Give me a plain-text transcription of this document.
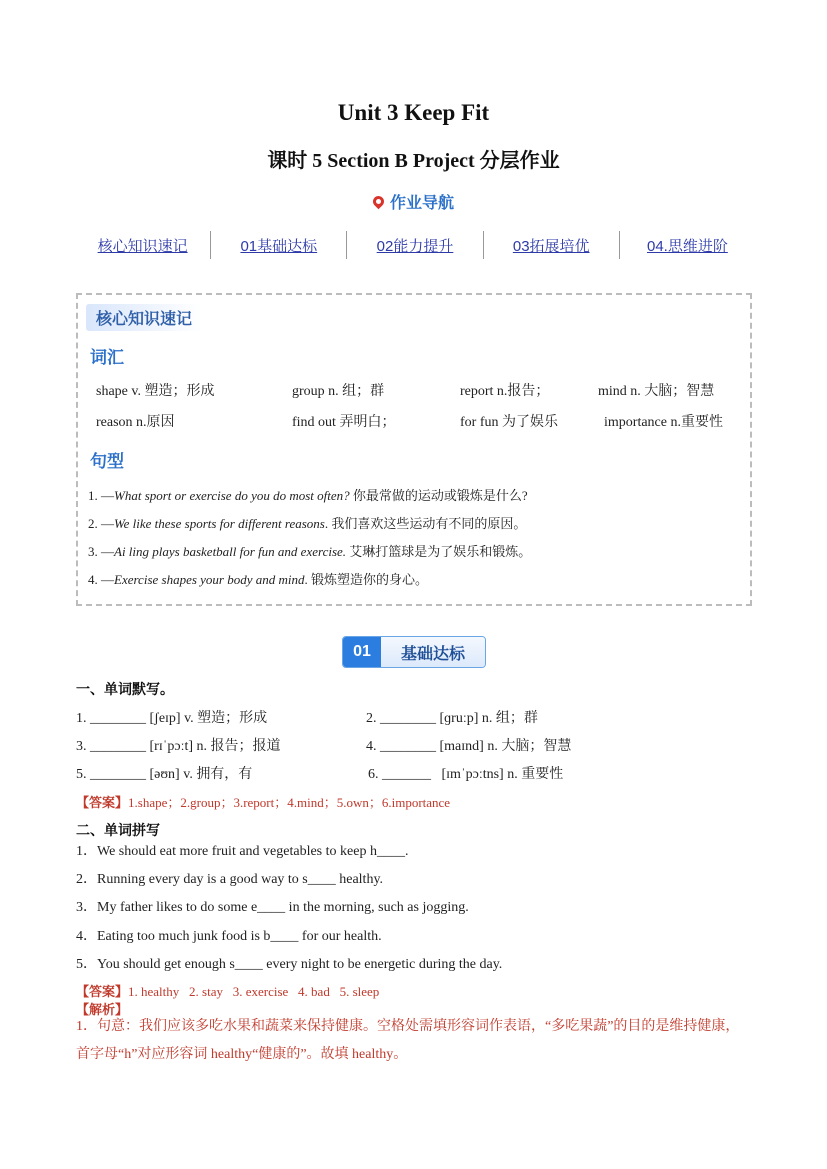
Unit 3 Keep Fit
课时 5 Section B Project 分层作业
作业导航
核心知识速记	01基础达标	02能力提升	03拓展培优	04.思维进阶
核心知识速记
词汇
shape v. 塑造；形成	group n. 组；群	report n.报告；	mind n. 大脑；智慧
reason n.原因	find out 弄明白；	for fun 为了娱乐	importance n.重要性
句型
1. —What sport or exercise do you do most often? 你最常做的运动或锻炼是什么?
2. —We like these sports for different reasons. 我们喜欢这些运动有不同的原因。
3. —Ai ling plays basketball for fun and exercise. 艾琳打篮球是为了娱乐和锻炼。
4. —Exercise shapes your body and mind. 锻炼塑造你的身心。
01	基础达标
一、单词默写。
1. ________ [ʃeɪp] v. 塑造；形成	2. ________ [ɡruːp] n. 组；群
3. ________ [rɪˈpɔːt] n. 报告；报道	4. ________ [maɪnd] n. 大脑；智慧
5. ________ [əʊn] v. 拥有，有	6. _______   [ɪmˈpɔːtns] n. 重要性
【答案】1.shape；2.group；3.report；4.mind；5.own；6.importance
二、单词拼写
1．We should eat more fruit and vegetables to keep h____.
2．Running every day is a good way to s____ healthy.
3．My father likes to do some e____ in the morning, such as jogging.
4．Eating too much junk food is b____ for our health.
5．You should get enough s____ every night to be energetic during the day.
【答案】1. healthy   2. stay   3. exercise   4. bad   5. sleep
【解析】
1．句意：我们应该多吃水果和蔬菜来保持健康。空格处需填形容词作表语，“多吃果蔬”的目的是维持健康，首字母“h”对应形容词 healthy“健康的”。故填 healthy。
